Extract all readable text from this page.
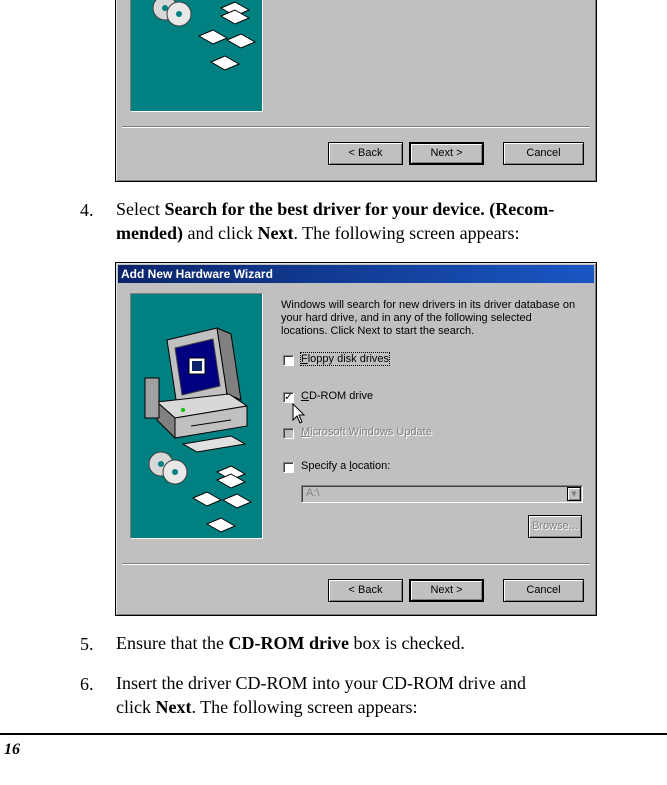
< Back	Next >	Cancel
4. Select Search for the best driver for your device. (Recom-
mended) and click Next. The following screen appears:
Add New Hardware Wizard
Windows will search for new drivers in its driver database on your hard drive, and in any of the following selected locations. Click Next to start the search.
Floppy disk drives
✓ CD-ROM drive
Microsoft Windows Update
Specify a location:
A:\	▼
Browse...
< Back	Next >	Cancel
5. Ensure that the CD-ROM drive box is checked.
6. Insert the driver CD-ROM into your CD-ROM drive and
click Next. The following screen appears:
16
